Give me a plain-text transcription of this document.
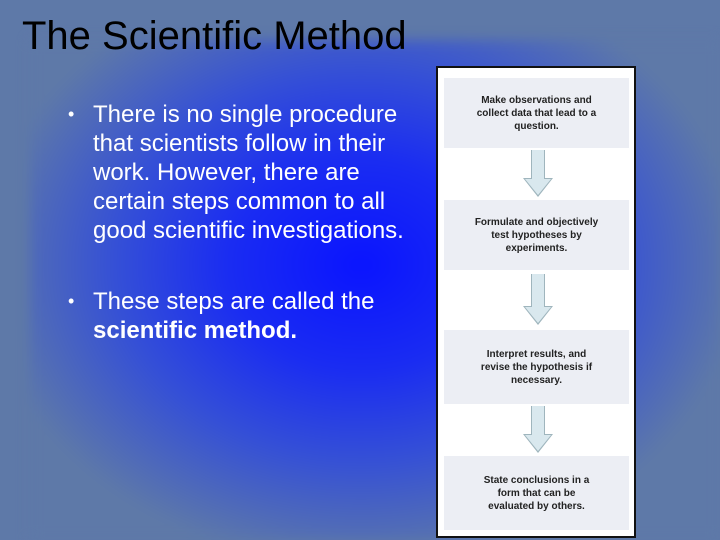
The Scientific Method
• There is no single procedure that scientists follow in their work. However, there are certain steps common to all good scientific investigations.
• These steps are called the scientific method.
Make observations and collect data that lead to a question.
Formulate and objectively test hypotheses by experiments.
Interpret results, and revise the hypothesis if necessary.
State conclusions in a form that can be evaluated by others.
